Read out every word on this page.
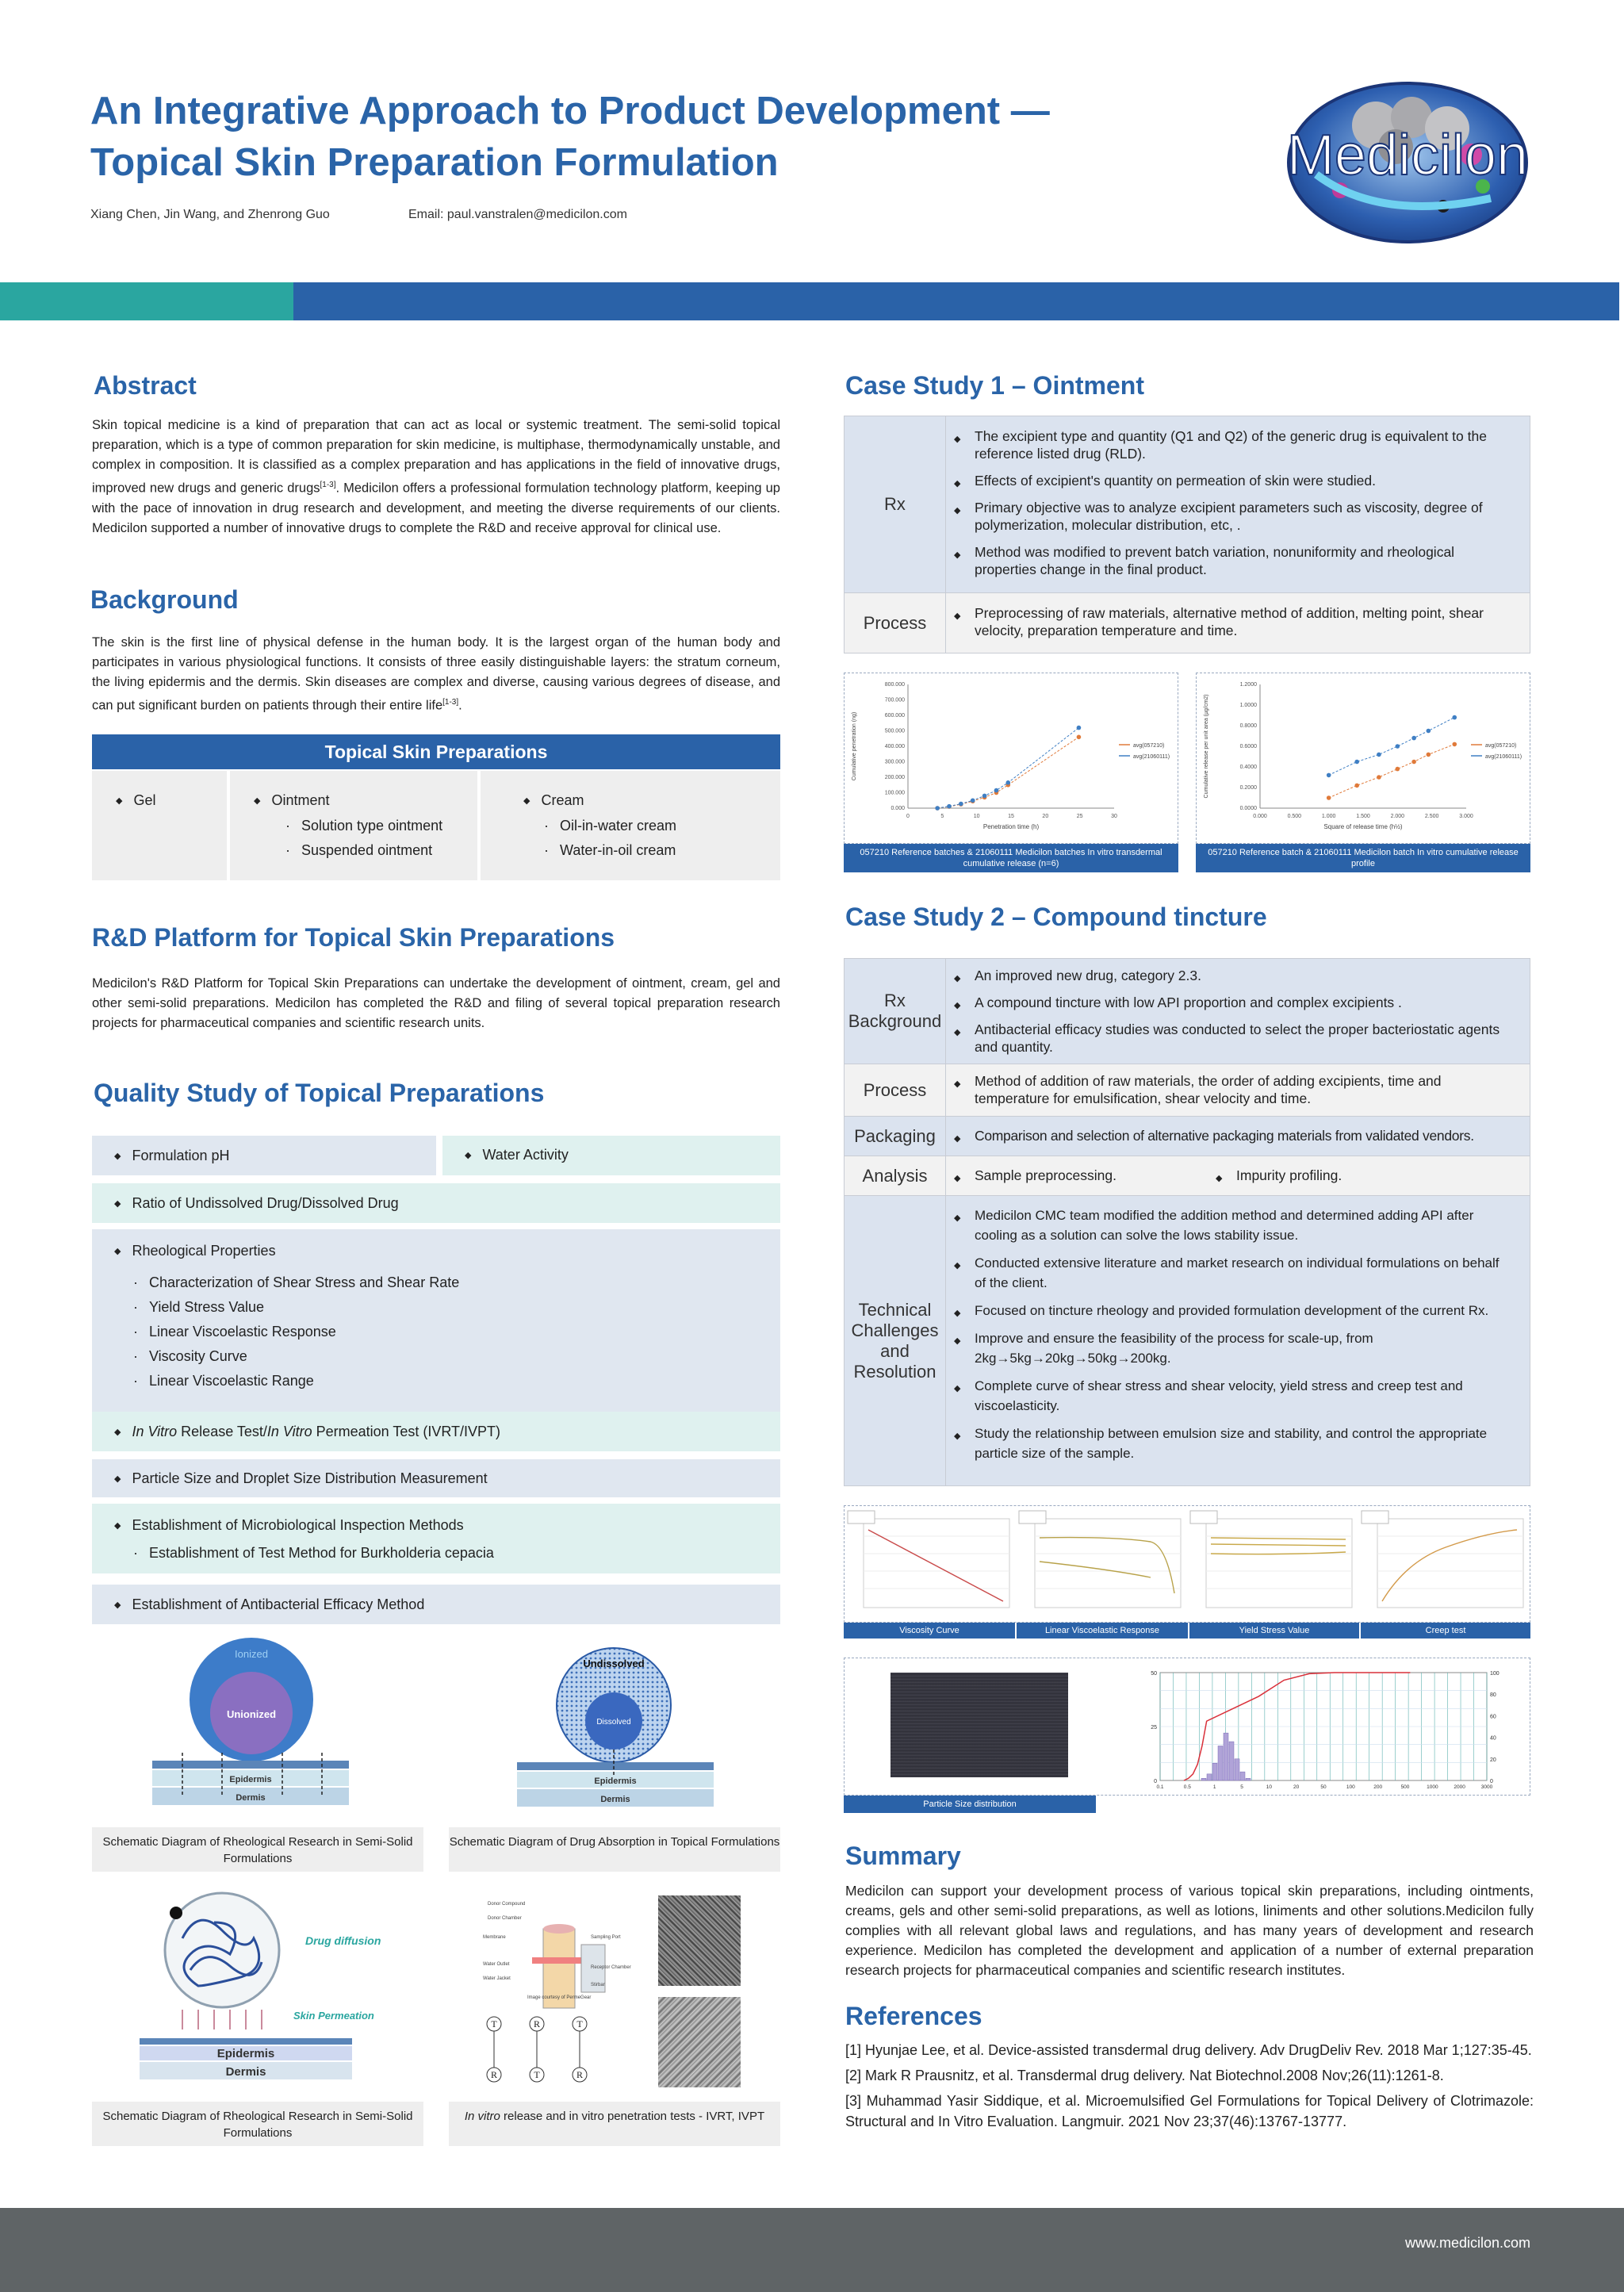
An Integrative Approach to Product Development —
Topical Skin Preparation Formulation
Xiang Chen, Jin Wang, and Zhenrong Guo	Email: paul.vanstralen@medicilon.com
Medicilon
Abstract
Skin topical medicine is a kind of preparation that can act as local or systemic treatment. The semi-solid topical preparation, which is a type of common preparation for skin medicine, is multiphase, thermodynamically unstable, and complex in composition. It is classified as a complex preparation and has applications in the field of innovative drugs, improved new drugs and generic drugs[1-3]. Medicilon offers a professional formulation technology platform, keeping up with the pace of innovation in drug research and development, and meeting the diverse requirements of our clients. Medicilon supported a number of innovative drugs to complete the R&D and receive approval for clinical use.
Background
The skin is the first line of physical defense in the human body. It is the largest organ of the human body and participates in various physiological functions. It consists of three easily distinguishable layers: the stratum corneum, the living epidermis and the dermis. Skin diseases are complex and diverse, causing various degrees of disease, and can put significant burden on patients through their entire life[1-3].
Topical Skin Preparations
◆ Gel	◆ Ointment
· Solution type ointment
· Suspended ointment
◆ Cream
· Oil-in-water cream
· Water-in-oil cream
R&D Platform for Topical Skin Preparations
Medicilon's R&D Platform for Topical Skin Preparations can undertake the development of ointment, cream, gel and other semi-solid preparations. Medicilon has completed the R&D and filing of several topical preparation research projects for pharmaceutical companies and scientific research units.
Quality Study of Topical Preparations
◆ Formulation pH	◆ Water Activity
◆ Ratio of Undissolved Drug/Dissolved Drug
◆ Rheological Properties
· Characterization of Shear Stress and Shear Rate
· Yield Stress Value
· Linear Viscoelastic Response
· Viscosity Curve
· Linear Viscoelastic Range
◆ In Vitro Release Test/In Vitro Permeation Test (IVRT/IVPT)
◆ Particle Size and Droplet Size Distribution Measurement
◆ Establishment of Microbiological Inspection Methods
· Establishment of Test Method for Burkholderia cepacia
◆ Establishment of Antibacterial Efficacy Method
Ionized
Unionized
Epidermis
Dermis
Schematic Diagram of Rheological Research in Semi-Solid Formulations
Undissolved
Dissolved
Epidermis
Dermis
Schematic Diagram of Drug Absorption in Topical Formulations
Drug diffusion
Skin Permeation
Epidermis
Dermis
Schematic Diagram of Rheological Research in Semi-Solid Formulations
Donor Compound
Donor Chamber
Membrane	Sampling Port
Receptor Chamber
Water Outlet
Water Jacket
Stirbar
Image courtesy of PermeGear
T	R	T
R	T	R
In vitro release and in vitro penetration tests - IVRT, IVPT
Case Study 1 – Ointment
Rx
◆ The excipient type and quantity (Q1 and Q2) of the generic drug is equivalent to the reference listed drug (RLD).
◆ Effects of excipient's quantity on permeation of skin were studied.
◆ Primary objective was to analyze excipient parameters such as viscosity, degree of polymerization, molecular distribution, etc, .
◆ Method was modified to prevent batch variation, nonuniformity and rheological properties change in the final product.
Process	◆ Preprocessing of raw materials, alternative method of addition, melting point, shear velocity, preparation temperature and time.
0	5	10	15	20	25	30
0.000
100.000
200.000
300.000
400.000
500.000
600.000
700.000
800.000
Penetration time (h)
Cumulative penetration (ng)	avg(057210)
avg(21060111)
057210 Reference batches & 21060111 Medicilon batches In vitro transdermal cumulative release (n=6)
0.000	0.500	1.000	1.500	2.000	2.500	3.000
0.0000
0.2000
0.4000
0.6000
0.8000
1.0000
1.2000
Square of release time (h½)
Cumulative release per unit area (µg/cm2)	avg(057210)
avg(21060111)
057210 Reference batch & 21060111 Medicilon batch In vitro cumulative release profile
Case Study 2 – Compound tincture
Rx Background
◆ An improved new drug, category 2.3.
◆ A compound tincture with low API proportion and complex excipients .
◆ Antibacterial efficacy studies was conducted to select the proper bacteriostatic agents and quantity.
Process	◆ Method of addition of raw materials, the order of adding excipients, time and temperature for emulsification, shear velocity and time.
Packaging	◆ Comparison and selection of alternative packaging materials from validated vendors.
Analysis	◆ Sample preprocessing.	◆ Impurity profiling.
Technical Challenges and Resolution
◆ Medicilon CMC team modified the addition method and determined adding API after cooling as a solution can solve the lows stability issue.
◆ Conducted extensive literature and market research on individual formulations on behalf of the client.
◆ Focused on tincture rheology and provided formulation development of the current Rx.
◆ Improve and ensure the feasibility of the process for scale-up, from 2kg→5kg→20kg→50kg→200kg.
◆ Complete curve of shear stress and shear velocity, yield stress and creep test and viscoelasticity.
◆ Study the relationship between emulsion size and stability, and control the appropriate particle size of the sample.
Viscosity Curve	Linear Viscoelastic Response	Yield Stress Value	Creep test
0
25
50
0
20
40
60
80
100
0.1	0.5	1	5	10	20	50	100	200	500	1000	2000	3000
Particle Size distribution
Summary
Medicilon can support your development process of various topical skin preparations, including ointments, creams, gels and other semi-solid preparations, as well as lotions, liniments and other solutions.Medicilon fully complies with all relevant global laws and regulations, and has many years of development and research experience. Medicilon has completed the development and application of a number of external preparation research projects for pharmaceutical companies and scientific research institutes.
References
[1] Hyunjae Lee, et al. Device-assisted transdermal drug delivery. Adv DrugDeliv Rev. 2018 Mar 1;127:35-45.
[2] Mark R Prausnitz, et al. Transdermal drug delivery. Nat Biotechnol.2008 Nov;26(11):1261-8.
[3] Muhammad Yasir Siddique, et al. Microemulsified Gel Formulations for Topical Delivery of Clotrimazole: Structural and In Vitro Evaluation. Langmuir. 2021 Nov 23;37(46):13767-13777.
www.medicilon.com
